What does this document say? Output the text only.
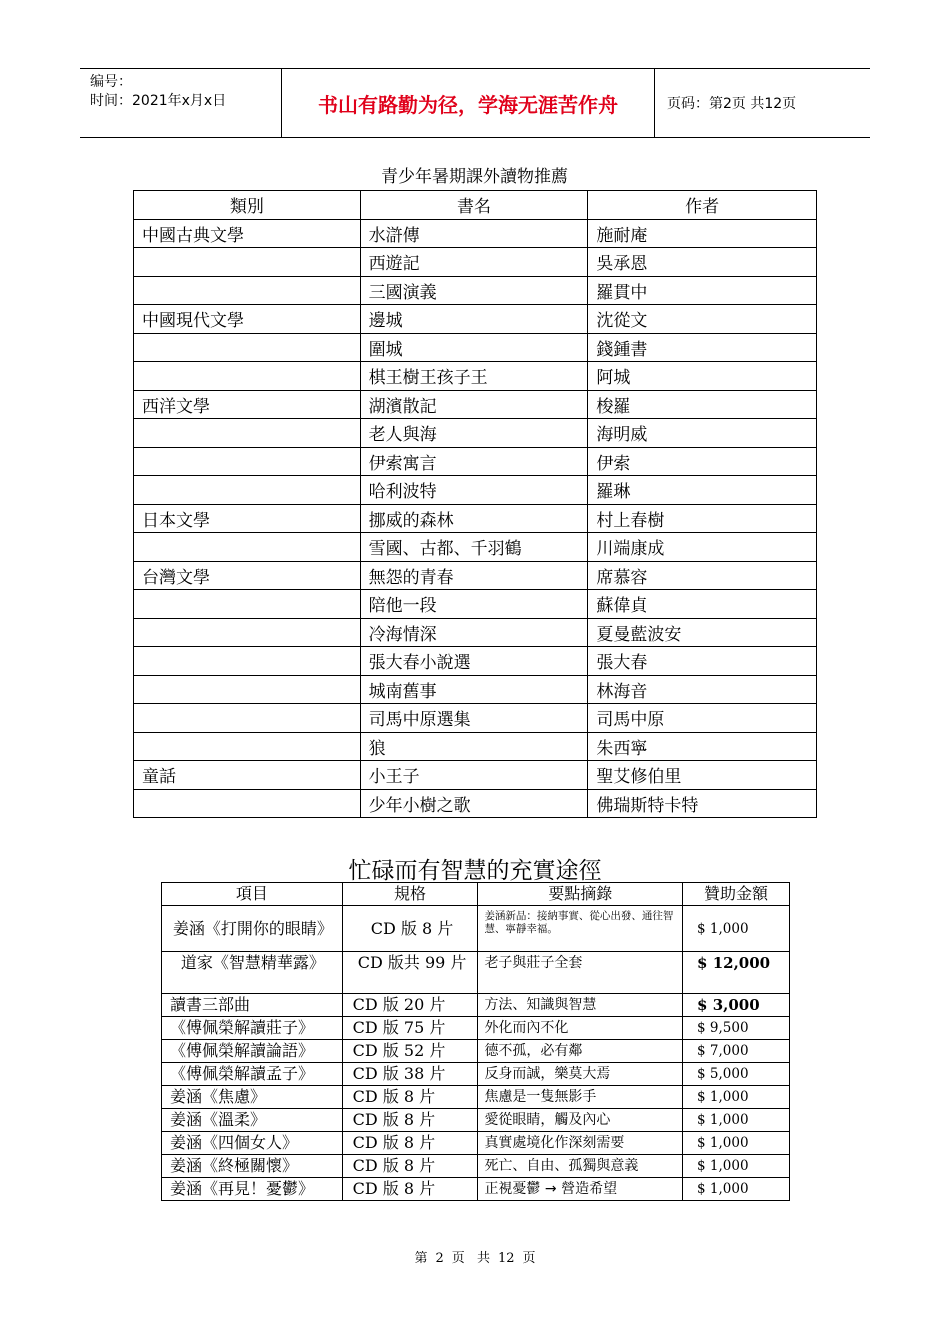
编号：
时间：2021年x月x日	书山有路勤为径，学海无涯苦作舟	页码：第2页 共12页
青少年暑期課外讀物推薦
類別	書名	作者
中國古典文學	水滸傳	施耐庵
	西遊記	吳承恩
	三國演義	羅貫中
中國現代文學	邊城	沈從文
	圍城	錢鍾書
	棋王樹王孩子王	阿城
西洋文學	湖濱散記	梭羅
	老人與海	海明威
	伊索寓言	伊索
	哈利波特	羅琳
日本文學	挪威的森林	村上春樹
	雪國、古都、千羽鶴	川端康成
台灣文學	無怨的青春	席慕容
	陪他一段	蘇偉貞
	冷海情深	夏曼藍波安
	張大春小說選	張大春
	城南舊事	林海音
	司馬中原選集	司馬中原
	狼	朱西寧
童話	小王子	聖艾修伯里
	少年小樹之歌	佛瑞斯特卡特
忙碌而有智慧的充實途徑
項目	規格	要點摘錄	贊助金額
姜涵《打開你的眼睛》	CD 版 8 片	姜涵新品：接納事實、從心出發、通往智慧、寧靜幸福。	$ 1,000
道家《智慧精華露》	CD 版共 99 片	老子與莊子全套	$ 12,000
讀書三部曲	CD 版 20 片	方法、知識與智慧	$ 3,000
《傅佩榮解讀莊子》	CD 版 75 片	外化而內不化	$ 9,500
《傅佩榮解讀論語》	CD 版 52 片	德不孤，必有鄰	$ 7,000
《傅佩榮解讀孟子》	CD 版 38 片	反身而誠，樂莫大焉	$ 5,000
姜涵《焦慮》	CD 版 8 片	焦慮是一隻無影手	$ 1,000
姜涵《溫柔》	CD 版 8 片	愛從眼睛，觸及內心	$ 1,000
姜涵《四個女人》	CD 版 8 片	真實處境化作深刻需要	$ 1,000
姜涵《終極關懷》	CD 版 8 片	死亡、自由、孤獨與意義	$ 1,000
姜涵《再見！憂鬱》	CD 版 8 片	正視憂鬱 → 營造希望	$ 1,000
第 2 页 共 12 页
